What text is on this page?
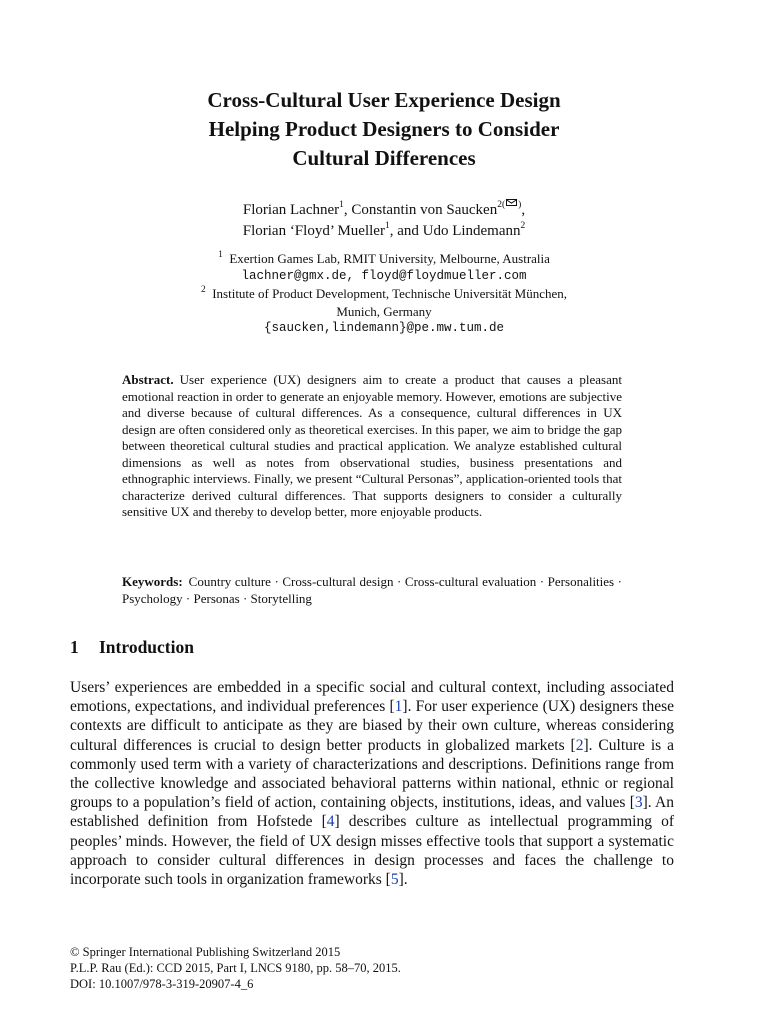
Cross-Cultural User Experience Design
Helping Product Designers to Consider
Cultural Differences
Florian Lachner$^1$, Constantin von Saucken$^{2( )}$,
Florian ‘Floyd’ Mueller$^1$, and Udo Lindemann$^2$
$^1$ Exertion Games Lab, RMIT University, Melbourne, Australia
lachner@gmx.de, floyd@floydmueller.com
$^2$ Institute of Product Development, Technische Universität München,
Munich, Germany
{saucken,lindemann}@pe.mw.tum.de

Abstract. User experience (UX) designers aim to create a product that causes a pleasant emotional reaction in order to generate an enjoyable memory. However, emotions are subjective and diverse because of cultural differences. As a consequence, cultural differences in UX design are often considered only as theoretical exercises. In this paper, we aim to bridge the gap between theoretical cultural studies and practical application. We analyze established cultural dimensions as well as notes from observational studies, business presentations and ethnographic interviews. Finally, we present “Cultural Personas”, application-oriented tools that characterize derived cultural differences. That supports designers to consider a culturally sensitive UX and thereby to develop better, more enjoyable products.

Keywords: Country culture · Cross-cultural design · Cross-cultural evaluation · Personalities · Psychology · Personas · Storytelling
1 Introduction

Users’ experiences are embedded in a specific social and cultural context, including associated emotions, expectations, and individual preferences [1]. For user experience (UX) designers these contexts are difficult to anticipate as they are biased by their own culture, whereas considering cultural differences is crucial to design better products in globalized markets [2]. Culture is a commonly used term with a variety of characterizations and descriptions. Definitions range from the collective knowledge and associated behavioral patterns within national, ethnic or regional groups to a population’s field of action, containing objects, institutions, ideas, and values [3]. An established definition from Hofstede [4] describes culture as intellectual programming of peoples’ minds. However, the field of UX design misses effective tools that support a systematic approach to consider cultural differences in design processes and faces the challenge to incorporate such tools in organization frameworks [5].

© Springer International Publishing Switzerland 2015
P.L.P. Rau (Ed.): CCD 2015, Part I, LNCS 9180, pp. 58–70, 2015.
DOI: 10.1007/978-3-319-20907-4_6
